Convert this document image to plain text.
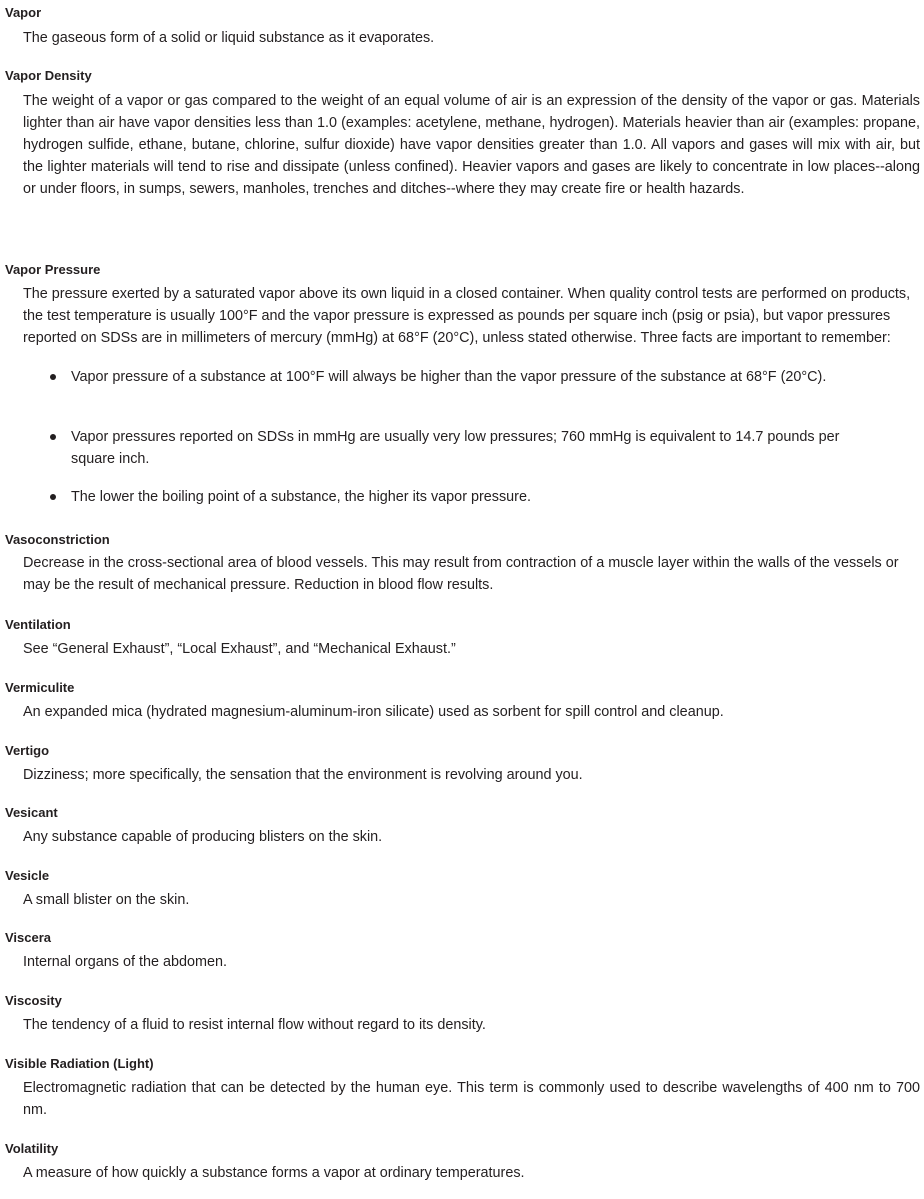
Vapor

The gaseous form of a solid or liquid substance as it evaporates.

Vapor Density

The weight of a vapor or gas compared to the weight of an equal volume of air is an expression of the density of the vapor or gas. Materials lighter than air have vapor densities less than 1.0 (examples: acetylene, methane, hydrogen). Materials heavier than air (examples: propane, hydrogen sulfide, ethane, butane, chlorine, sulfur dioxide) have vapor densities greater than 1.0. All vapors and gases will mix with air, but the lighter materials will tend to rise and dissipate (unless confined). Heavier vapors and gases are likely to concentrate in low places--along or under floors, in sumps, sewers, manholes, trenches and ditches--where they may create fire or health hazards.

Vapor Pressure

The pressure exerted by a saturated vapor above its own liquid in a closed container. When quality control tests are performed on products, the test temperature is usually 100°F and the vapor pressure is expressed as pounds per square inch (psig or psia), but vapor pressures reported on SDSs are in millimeters of mercury (mmHg) at 68°F (20°C), unless stated otherwise. Three facts are important to remember:

Vapor pressure of a substance at 100°F will always be higher than the vapor pressure of the substance at 68°F (20°C).

Vapor pressures reported on SDSs in mmHg are usually very low pressures; 760 mmHg is equivalent to 14.7 pounds per square inch.

The lower the boiling point of a substance, the higher its vapor pressure.

Vasoconstriction

Decrease in the cross-sectional area of blood vessels. This may result from contraction of a muscle layer within the walls of the vessels or may be the result of mechanical pressure. Reduction in blood flow results.

Ventilation

See “General Exhaust”, “Local Exhaust”, and “Mechanical Exhaust.”

Vermiculite

An expanded mica (hydrated magnesium-aluminum-iron silicate) used as sorbent for spill control and cleanup.

Vertigo

Dizziness; more specifically, the sensation that the environment is revolving around you.

Vesicant

Any substance capable of producing blisters on the skin.

Vesicle

A small blister on the skin.

Viscera

Internal organs of the abdomen.

Viscosity

The tendency of a fluid to resist internal flow without regard to its density.

Visible Radiation (Light)

Electromagnetic radiation that can be detected by the human eye. This term is commonly used to describe wavelengths of 400 nm to 700 nm.

Volatility

A measure of how quickly a substance forms a vapor at ordinary temperatures.
